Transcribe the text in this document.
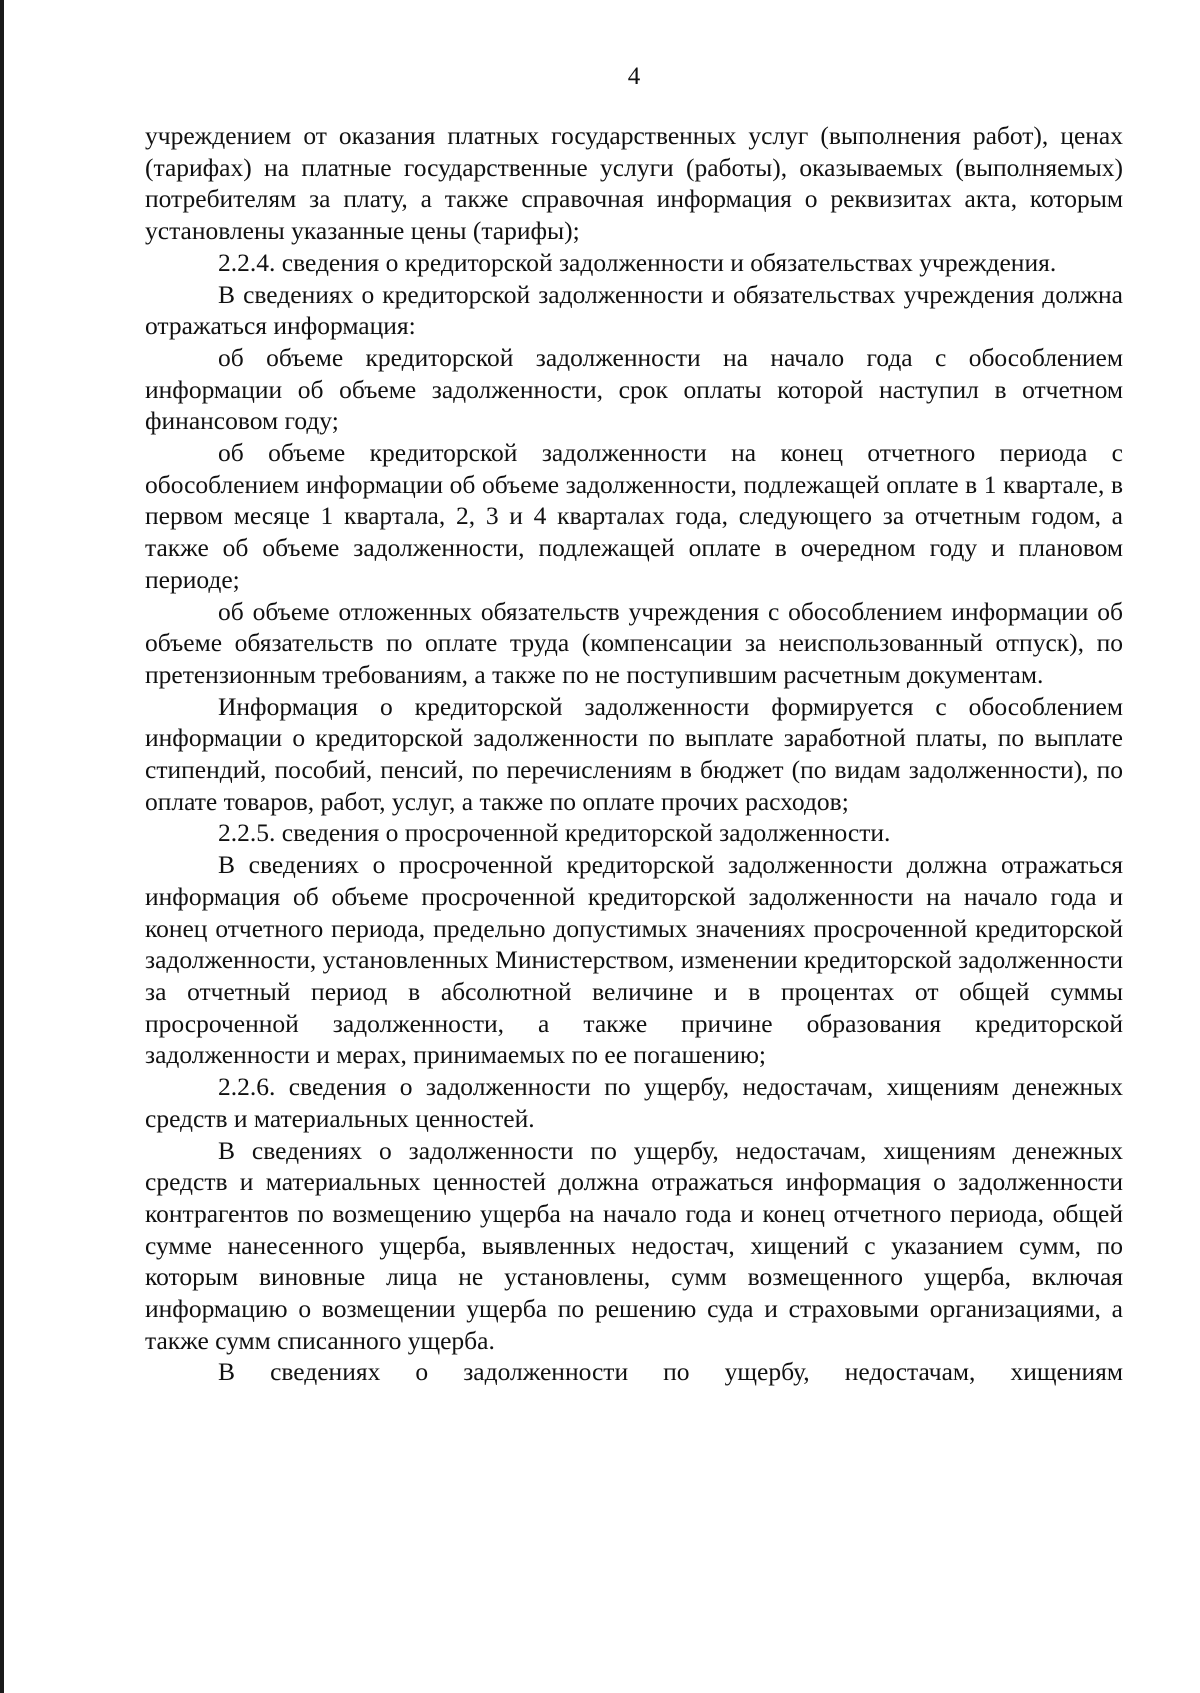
4

учреждением от оказания платных государственных услуг (выполнения работ), ценах (тарифах) на платные государственные услуги (работы), оказываемых (выполняемых) потребителям за плату, а также справочная информация о реквизитах акта, которым установлены указанные цены (тарифы);

2.2.4. сведения о кредиторской задолженности и обязательствах учреждения.

В сведениях о кредиторской задолженности и обязательствах учреждения должна отражаться информация:

об объеме кредиторской задолженности на начало года с обособлением информации об объеме задолженности, срок оплаты которой наступил в отчетном финансовом году;

об объеме кредиторской задолженности на конец отчетного периода с обособлением информации об объеме задолженности, подлежащей оплате в 1 квартале, в первом месяце 1 квартала, 2, 3 и 4 кварталах года, следующего за отчетным годом, а также об объеме задолженности, подлежащей оплате в очередном году и плановом периоде;

об объеме отложенных обязательств учреждения с обособлением информации об объеме обязательств по оплате труда (компенсации за неиспользованный отпуск), по претензионным требованиям, а также по не поступившим расчетным документам.

Информация о кредиторской задолженности формируется с обособлением информации о кредиторской задолженности по выплате заработной платы, по выплате стипендий, пособий, пенсий, по перечислениям в бюджет (по видам задолженности), по оплате товаров, работ, услуг, а также по оплате прочих расходов;

2.2.5. сведения о просроченной кредиторской задолженности.

В сведениях о просроченной кредиторской задолженности должна отражаться информация об объеме просроченной кредиторской задолженности на начало года и конец отчетного периода, предельно допустимых значениях просроченной кредиторской задолженности, установленных Министерством, изменении кредиторской задолженности за отчетный период в абсолютной величине и в процентах от общей суммы просроченной задолженности, а также причине образования кредиторской задолженности и мерах, принимаемых по ее погашению;

2.2.6. сведения о задолженности по ущербу, недостачам, хищениям денежных средств и материальных ценностей.

В сведениях о задолженности по ущербу, недостачам, хищениям денежных средств и материальных ценностей должна отражаться информация о задолженности контрагентов по возмещению ущерба на начало года и конец отчетного периода, общей сумме нанесенного ущерба, выявленных недостач, хищений с указанием сумм, по которым виновные лица не установлены, сумм возмещенного ущерба, включая информацию о возмещении ущерба по решению суда и страховыми организациями, а также сумм списанного ущерба.

В сведениях о задолженности по ущербу, недостачам, хищениям
